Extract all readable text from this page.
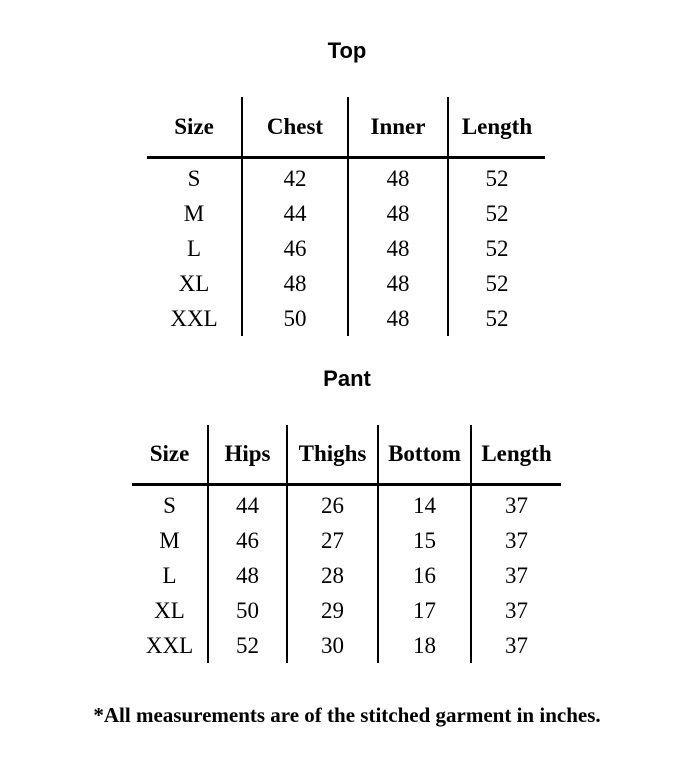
Top
Size	Chest	Inner	Length
S	42	48	52
M	44	48	52
L	46	48	52
XL	48	48	52
XXL	50	48	52
Pant
Size	Hips	Thighs	Bottom	Length
S	44	26	14	37
M	46	27	15	37
L	48	28	16	37
XL	50	29	17	37
XXL	52	30	18	37

*All measurements are of the stitched garment in inches.
